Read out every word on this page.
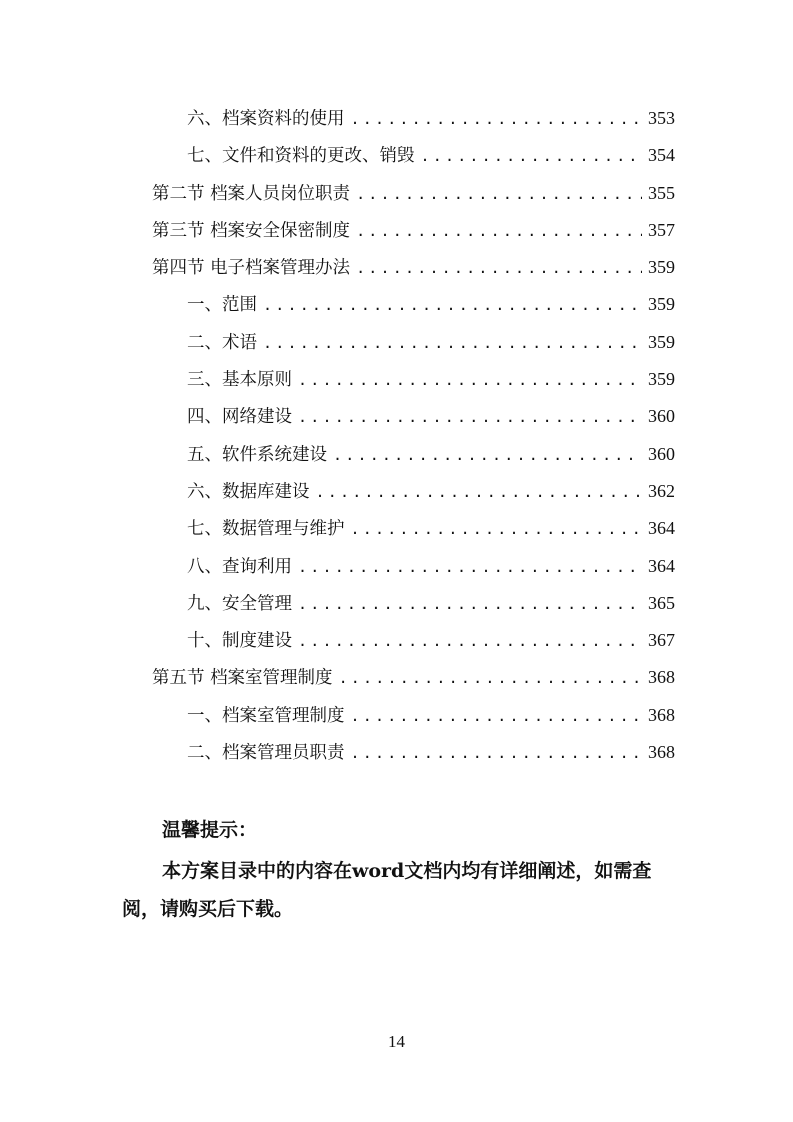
六、档案资料的使用 .....	353
七、文件和资料的更改、销毁 .....	354
第二节 档案人员岗位职责 .....	355
第三节 档案安全保密制度 .....	357
第四节 电子档案管理办法 .....	359
一、范围 .....	359
二、术语 .....	359
三、基本原则 .....	359
四、网络建设 .....	360
五、软件系统建设 .....	360
六、数据库建设 .....	362
七、数据管理与维护 .....	364
八、查询利用 .....	364
九、安全管理 .....	365
十、制度建设 .....	367
第五节 档案室管理制度 .....	368
一、档案室管理制度 .....	368
二、档案管理员职责 .....	368
温馨提示：
本方案目录中的内容在word文档内均有详细阐述，如需查阅，请购买后下载。
14
